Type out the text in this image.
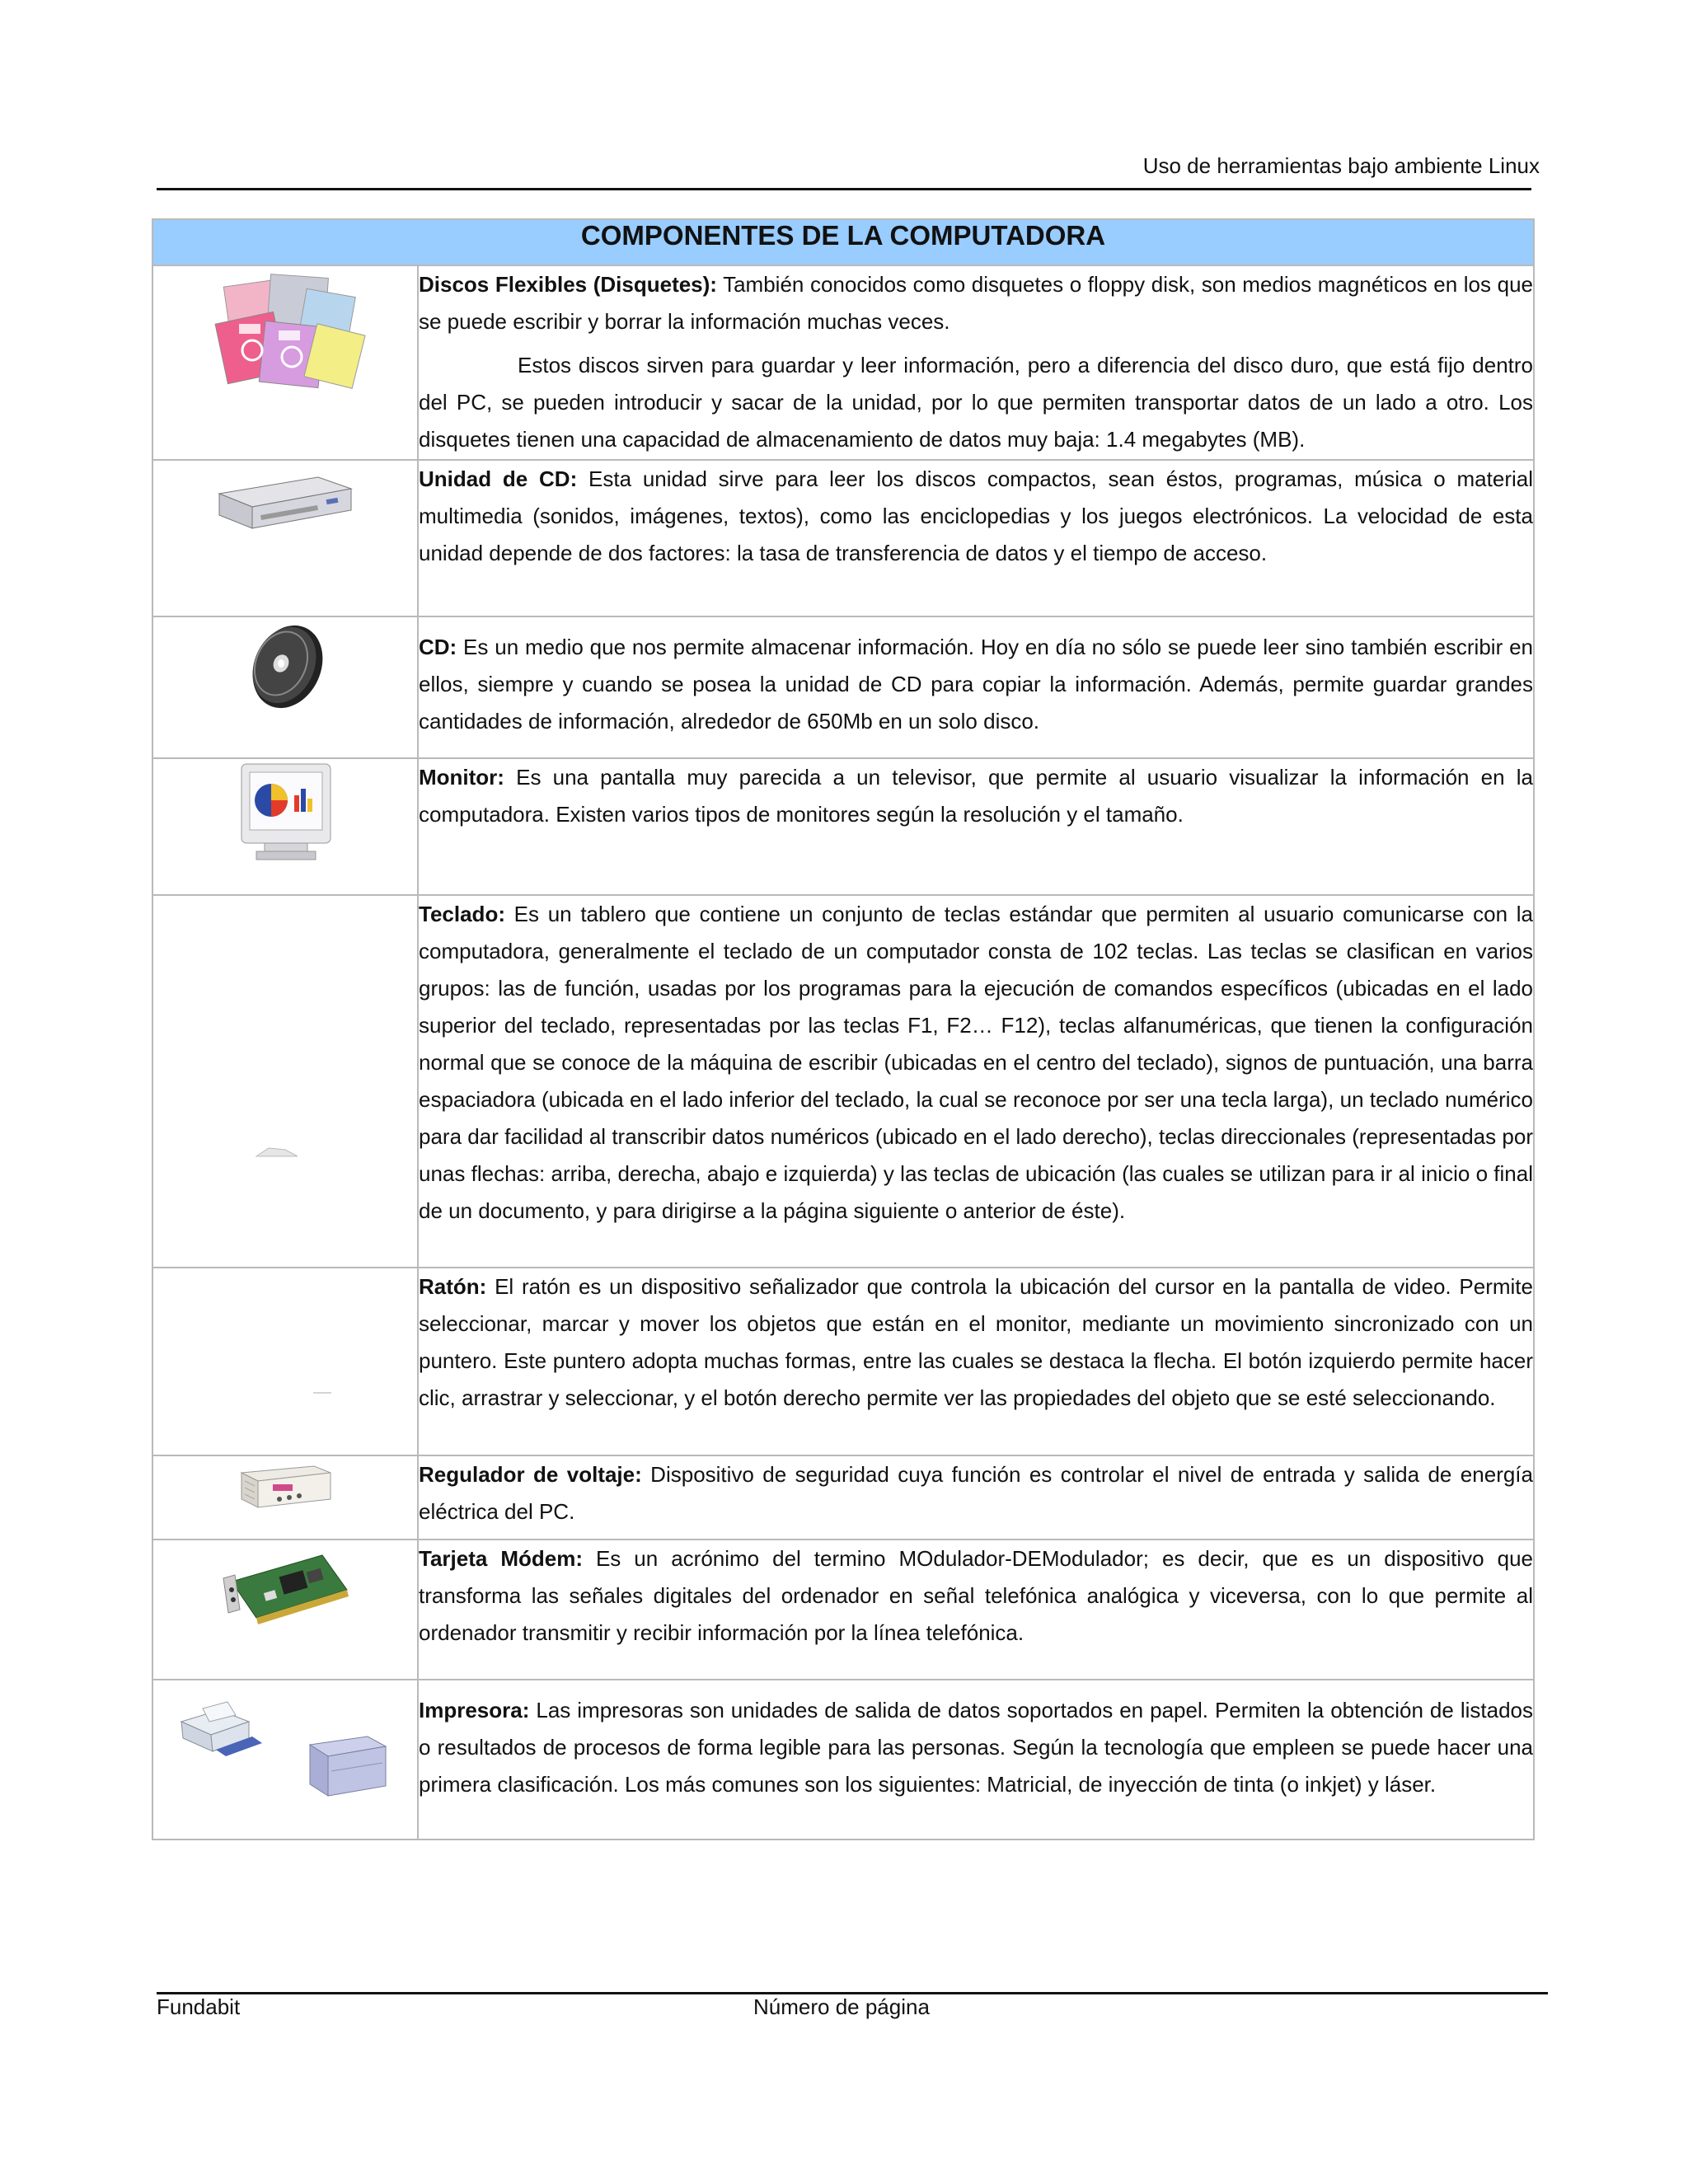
Uso de herramientas bajo ambiente Linux
COMPONENTES DE LA COMPUTADORA	

Discos Flexibles (Disquetes): También conocidos como disquetes o floppy disk, son medios magnéticos en los que se puede escribir y borrar la información muchas veces.
Estos discos sirven para guardar y leer información, pero a diferencia del disco duro, que está fijo dentro del PC, se pueden introducir y sacar de la unidad, por lo que permiten transportar datos de un lado a otro. Los disquetes tienen una capacidad de almacenamiento de datos muy baja: 1.4 megabytes (MB).

Unidad de CD: Esta unidad sirve para leer los discos compactos, sean éstos, programas, música o material multimedia (sonidos, imágenes, textos), como las enciclopedias y los juegos electrónicos. La velocidad de esta unidad depende de dos factores: la tasa de transferencia de datos y el tiempo de acceso.

CD: Es un medio que nos permite almacenar información. Hoy en día no sólo se puede leer sino también escribir en ellos, siempre y cuando se posea la unidad de CD para copiar la información. Además, permite guardar grandes cantidades de información, alrededor de 650Mb en un solo disco.

Monitor: Es una pantalla muy parecida a un televisor, que permite al usuario visualizar la información en la computadora. Existen varios tipos de monitores según la resolución y el tamaño.

Teclado: Es un tablero que contiene un conjunto de teclas estándar que permiten al usuario comunicarse con la computadora, generalmente el teclado de un computador consta de 102 teclas. Las teclas se clasifican en varios grupos: las de función, usadas por los programas para la ejecución de comandos específicos (ubicadas en el lado superior del teclado, representadas por las teclas F1, F2… F12), teclas alfanuméricas, que tienen la configuración normal que se conoce de la máquina de escribir (ubicadas en el centro del teclado), signos de puntuación, una barra espaciadora (ubicada en el lado inferior del teclado, la cual se reconoce por ser una tecla larga), un teclado numérico para dar facilidad al transcribir datos numéricos (ubicado en el lado derecho), teclas direccionales (representadas por unas flechas: arriba, derecha, abajo e izquierda) y las teclas de ubicación (las cuales se utilizan para ir al inicio o final de un documento, y para dirigirse a la página siguiente o anterior de éste).

Ratón: El ratón es un dispositivo señalizador que controla la ubicación del cursor en la pantalla de video. Permite seleccionar, marcar y mover los objetos que están en el monitor, mediante un movimiento sincronizado con un puntero. Este puntero adopta muchas formas, entre las cuales se destaca la flecha. El botón izquierdo permite hacer clic, arrastrar y seleccionar, y el botón derecho permite ver las propiedades del objeto que se esté seleccionando.

Regulador de voltaje: Dispositivo de seguridad cuya función es controlar el nivel de entrada y salida de energía eléctrica del PC.

Tarjeta Módem: Es un acrónimo del termino MOdulador-DEModulador; es decir, que es un dispositivo que transforma las señales digitales del ordenador en señal telefónica analógica y viceversa, con lo que permite al ordenador transmitir y recibir información por la línea telefónica.

Impresora: Las impresoras son unidades de salida de datos soportados en papel. Permiten la obtención de listados o resultados de procesos de forma legible para las personas. Según la tecnología que empleen se puede hacer una primera clasificación. Los más comunes son los siguientes: Matricial, de inyección de tinta (o inkjet) y láser.
Fundabit	Número de página
